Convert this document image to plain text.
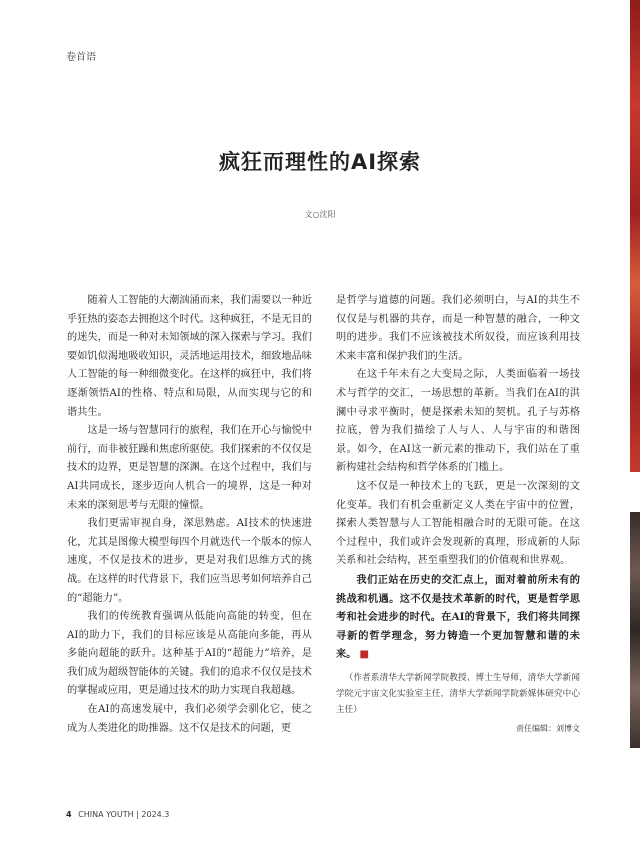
卷首语
疯狂而理性的AI探索
文○沈阳

随着人工智能的大潮汹涌而来，我们需要以一种近乎狂热的姿态去拥抱这个时代。这种疯狂，不是无目的的迷失，而是一种对未知领域的深入探索与学习。我们要如饥似渴地吸收知识，灵活地运用技术，细致地品味人工智能的每一种细微变化。在这样的疯狂中，我们将逐渐领悟AI的性格、特点和局限，从而实现与它的和谐共生。

这是一场与智慧同行的旅程，我们在开心与愉悦中前行，而非被狂躁和焦虑所驱使。我们探索的不仅仅是技术的边界，更是智慧的深渊。在这个过程中，我们与AI共同成长，逐步迈向人机合一的境界，这是一种对未来的深刻思考与无限的憧憬。

我们更需审视自身，深思熟虑。AI技术的快速进化，尤其是图像大模型每四个月就迭代一个版本的惊人速度，不仅是技术的进步，更是对我们思维方式的挑战。在这样的时代背景下，我们应当思考如何培养自己的“超能力”。

我们的传统教育强调从低能向高能的转变，但在AI的助力下，我们的目标应该是从高能向多能，再从多能向超能的跃升。这种基于AI的“超能力”培养，是我们成为超级智能体的关键。我们的追求不仅仅是技术的掌握或应用，更是通过技术的助力实现自我超越。

在AI的高速发展中，我们必须学会驯化它，使之成为人类进化的助推器。这不仅是技术的问题，更

是哲学与道德的问题。我们必须明白，与AI的共生不仅仅是与机器的共存，而是一种智慧的融合，一种文明的进步。我们不应该被技术所奴役，而应该利用技术来丰富和保护我们的生活。

在这千年未有之大变局之际，人类面临着一场技术与哲学的交汇，一场思想的革新。当我们在AI的洪澜中寻求平衡时，便是探索未知的契机。孔子与苏格拉底，曾为我们描绘了人与人、人与宇宙的和谐图景。如今，在AI这一新元素的推动下，我们站在了重新构建社会结构和哲学体系的门槛上。

这不仅是一种技术上的飞跃，更是一次深刻的文化变革。我们有机会重新定义人类在宇宙中的位置，探索人类智慧与人工智能相融合时的无限可能。在这个过程中，我们或许会发现新的真理，形成新的人际关系和社会结构，甚至重塑我们的价值观和世界观。

我们正站在历史的交汇点上，面对着前所未有的挑战和机遇。这不仅是技术革新的时代，更是哲学思考和社会进步的时代。在AI的背景下，我们将共同探寻新的哲学理念，努力铸造一个更加智慧和谐的未来。 ■

（作者系清华大学新闻学院教授、博士生导师，清华大学新闻学院元宇宙文化实验室主任，清华大学新闻学院新媒体研究中心主任）
责任编辑：刘博文
4 CHINA YOUTH | 2024.3
